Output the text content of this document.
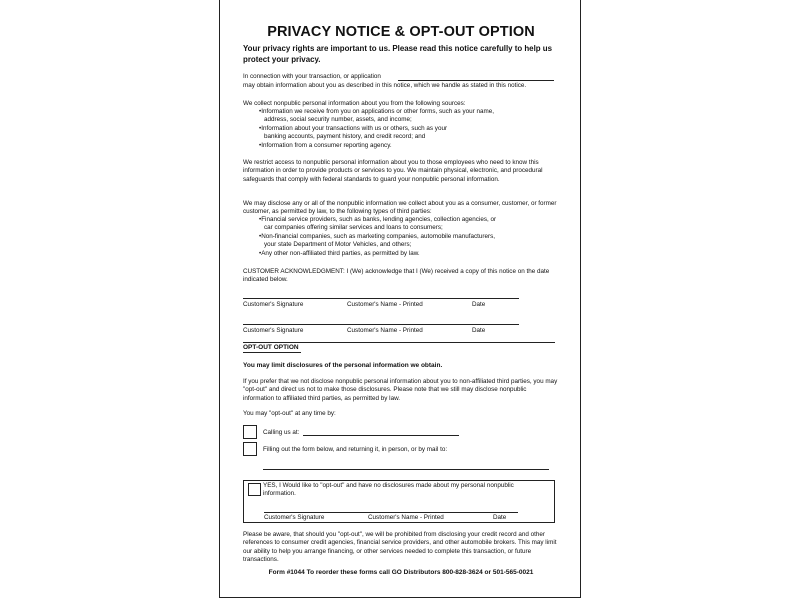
PRIVACY NOTICE & OPT-OUT OPTION
Your privacy rights are important to us. Please read this notice carefully to help us protect your privacy.
In connection with your transaction, or application
may obtain information about you as described in this notice, which we handle as stated in this notice.
We collect nonpublic personal information about you from the following sources:
•Information we receive from you on applications or other forms, such as your name,
address, social security number, assets, and income;
•Information about your transactions with us or others, such as your
banking accounts, payment history, and credit record; and
•Information from a consumer reporting agency.
We restrict access to nonpublic personal information about you to those employees who need to know this information in order to provide products or services to you. We maintain physical, electronic, and procedural safeguards that comply with federal standards to guard your nonpublic personal information.
We may disclose any or all of the nonpublic information we collect about you as a consumer, customer, or former customer, as permitted by law, to the following types of third parties:
•Financial service providers, such as banks, lending agencies, collection agencies, or
car companies offering similar services and loans to consumers;
•Non-financial companies, such as marketing companies, automobile manufacturers,
your state Department of Motor Vehicles, and others;
•Any other non-affiliated third parties, as permitted by law.
CUSTOMER ACKNOWLEDGMENT: I (We) acknowledge that I (We) received a copy of this notice on the date indicated below.
Customer's Signature	Customer's Name - Printed	Date
Customer's Signature	Customer's Name - Printed	Date
OPT-OUT OPTION
You may limit disclosures of the personal information we obtain.
If you prefer that we not disclose nonpublic personal information about you to non-affiliated third parties, you may "opt-out" and direct us not to make those disclosures. Please note that we still may disclose nonpublic information to affiliated third parties, as permitted by law.
You may "opt-out" at any time by:
Calling us at:
Filling out the form below, and returning it, in person, or by mail to:
YES, I Would like to "opt-out" and have no disclosures made about my personal nonpublic information.
Customer's Signature	Customer's Name - Printed	Date
Please be aware, that should you "opt-out", we will be prohibited from disclosing your credit record and other references to consumer credit agencies, financial service providers, and other automobile brokers. This may limit our ability to help you arrange financing, or other services needed to complete this transaction, or future transactions.
Form #1044 To reorder these forms call GO Distributors 800-828-3624 or 501-565-0021
